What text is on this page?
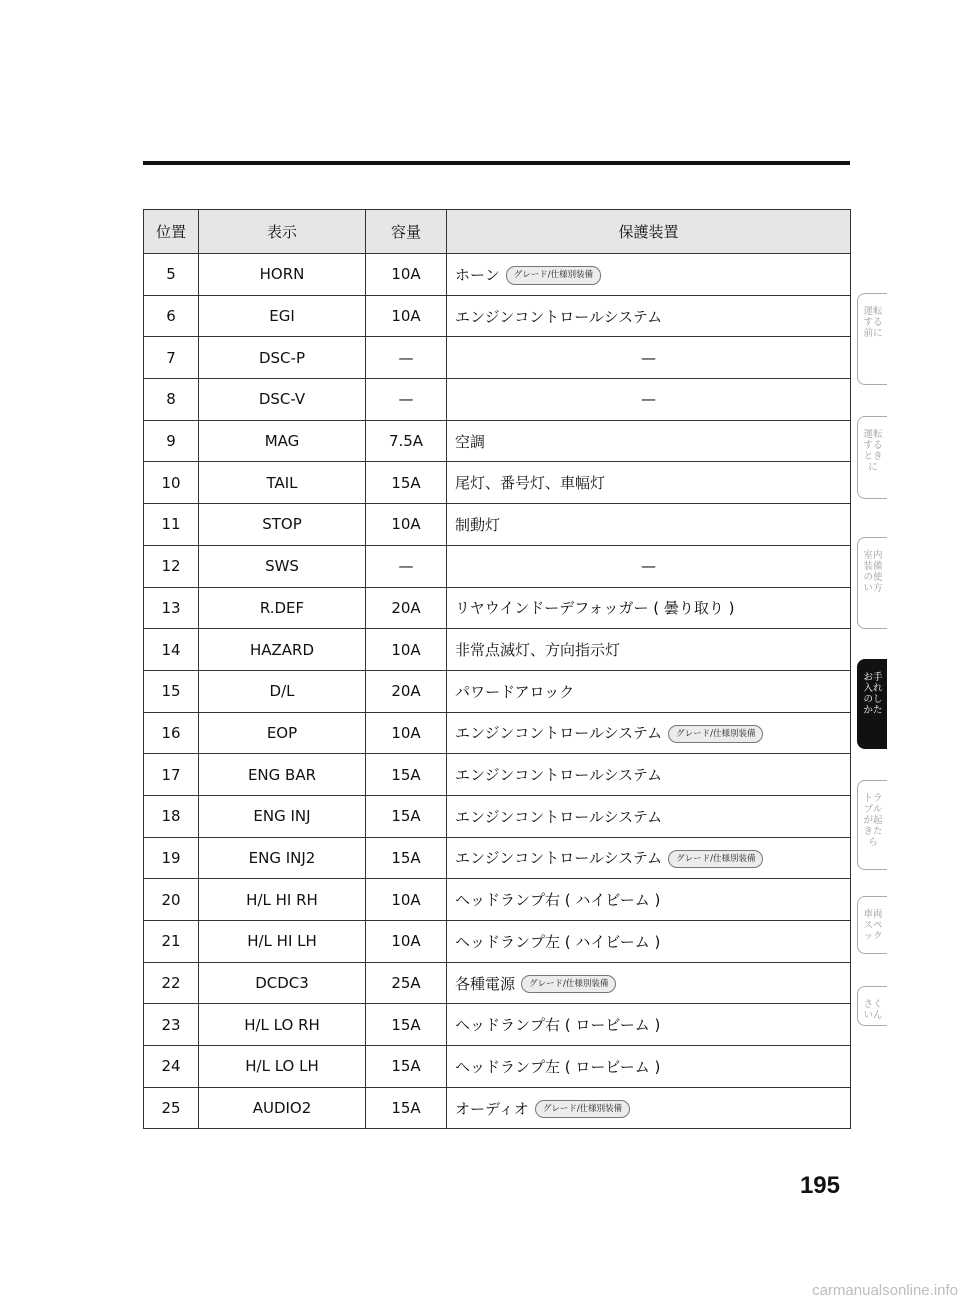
位置	表示	容量	保護装置
5	HORN	10A	ホーン グレード/仕様別装備
6	EGI	10A	エンジンコントロールシステム
7	DSC-P	—	—
8	DSC-V	—	—
9	MAG	7.5A	空調
10	TAIL	15A	尾灯、番号灯、車幅灯
11	STOP	10A	制動灯
12	SWS	—	—
13	R.DEF	20A	リヤウインドーデフォッガー ( 曇り取り )
14	HAZARD	10A	非常点滅灯、方向指示灯
15	D/L	20A	パワードアロック
16	EOP	10A	エンジンコントロールシステム グレード/仕様別装備
17	ENG BAR	15A	エンジンコントロールシステム
18	ENG INJ	15A	エンジンコントロールシステム
19	ENG INJ2	15A	エンジンコントロールシステム グレード/仕様別装備
20	H/L HI RH	10A	ヘッドランプ右 ( ハイビーム )
21	H/L HI LH	10A	ヘッドランプ左 ( ハイビーム )
22	DCDC3	25A	各種電源 グレード/仕様別装備
23	H/L LO RH	15A	ヘッドランプ右 ( ロービーム )
24	H/L LO LH	15A	ヘッドランプ左 ( ロービーム )
25	AUDIO2	15A	オーディオ グレード/仕様別装備
運転する前に
運転するときに
室内装備の使い方
お手入れのしかた
トラブルが起きたら
車両スペック
さくいん
195
carmanualsonline.info
